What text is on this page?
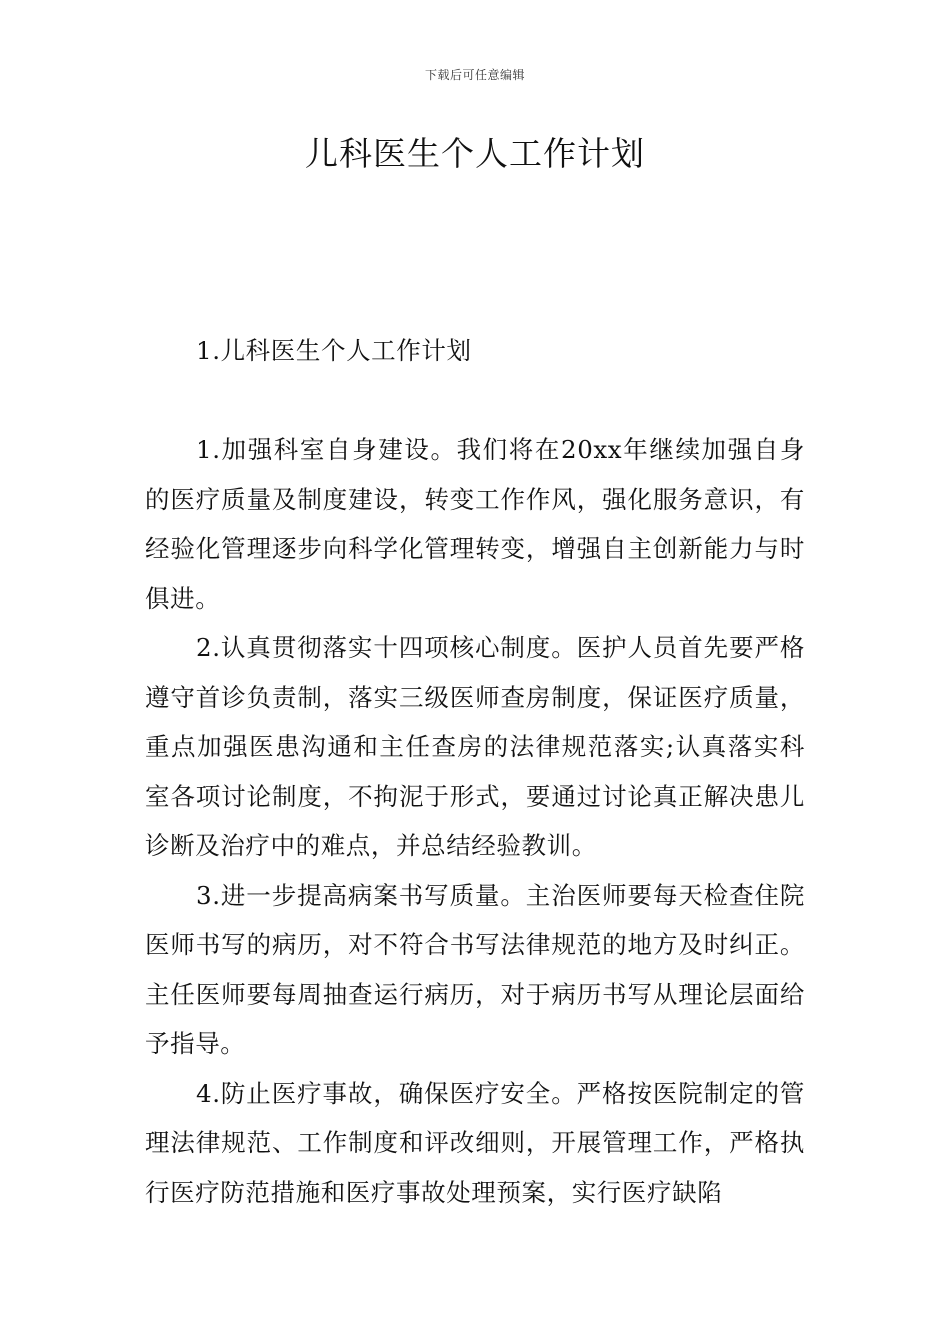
下载后可任意编辑
儿科医生个人工作计划

1.儿科医生个人工作计划

1.加强科室自身建设。我们将在20xx年继续加强自身的医疗质量及制度建设，转变工作作风，强化服务意识，有经验化管理逐步向科学化管理转变，增强自主创新能力与时俱进。

2.认真贯彻落实十四项核心制度。医护人员首先要严格遵守首诊负责制，落实三级医师查房制度，保证医疗质量，重点加强医患沟通和主任查房的法律规范落实;认真落实科室各项讨论制度，不拘泥于形式，要通过讨论真正解决患儿诊断及治疗中的难点，并总结经验教训。

3.进一步提高病案书写质量。主治医师要每天检查住院医师书写的病历，对不符合书写法律规范的地方及时纠正。主任医师要每周抽查运行病历，对于病历书写从理论层面给予指导。

4.防止医疗事故，确保医疗安全。严格按医院制定的管理法律规范、工作制度和评改细则，开展管理工作，严格执行医疗防范措施和医疗事故处理预案，实行医疗缺陷
